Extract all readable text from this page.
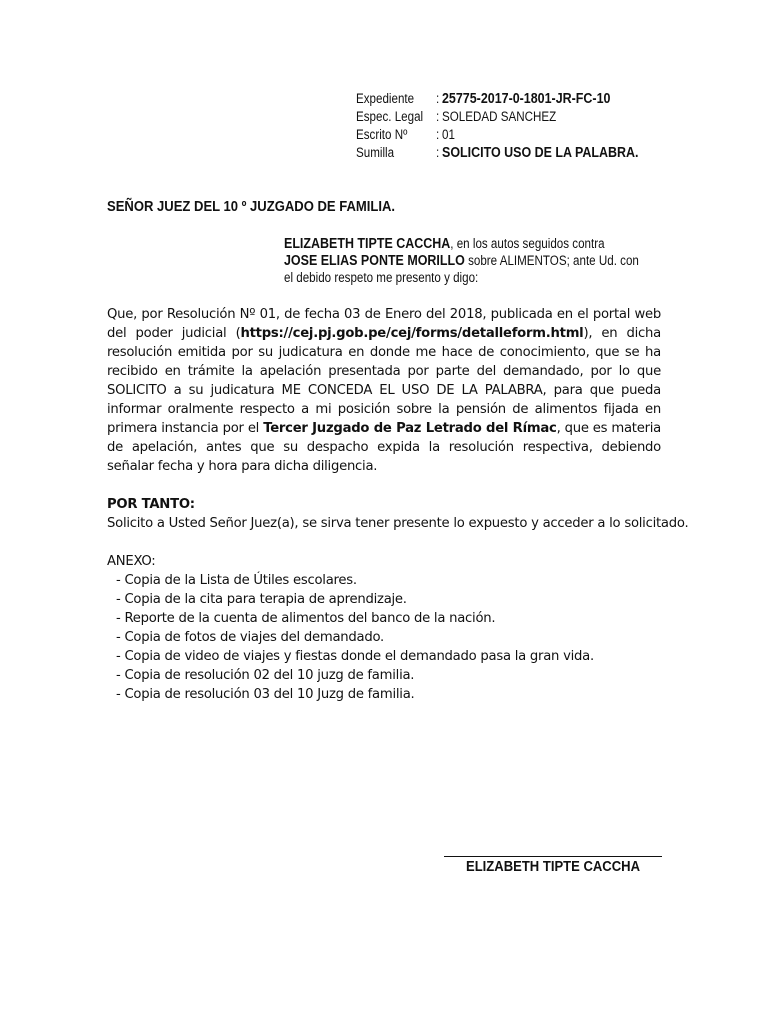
Expediente	: 25775-2017-0-1801-JR-FC-10
Espec. Legal : SOLEDAD SANCHEZ
Escrito Nº	: 01
Sumilla	: SOLICITO USO DE LA PALABRA.
SEÑOR JUEZ DEL 10 º JUZGADO DE FAMILIA.
ELIZABETH TIPTE CACCHA, en los autos seguidos contra
JOSE ELIAS PONTE MORILLO sobre ALIMENTOS; ante Ud. con
el debido respeto me presento y digo:
Que, por Resolución Nº 01, de fecha 03 de Enero del 2018, publicada en el portal web del poder judicial (https://cej.pj.gob.pe/cej/forms/detalleform.html), en dicha resolución emitida por su judicatura en donde me hace de conocimiento, que se ha recibido en trámite la apelación presentada por parte del demandado, por lo que SOLICITO a su judicatura ME CONCEDA EL USO DE LA PALABRA, para que pueda informar oralmente respecto a mi posición sobre la pensión de alimentos fijada en primera instancia por el Tercer Juzgado de Paz Letrado del Rímac, que es materia de apelación, antes que su despacho expida la resolución respectiva, debiendo señalar fecha y hora para dicha diligencia.
POR TANTO:
Solicito a Usted Señor Juez(a), se sirva tener presente lo expuesto y acceder a lo solicitado.
ANEXO:
- Copia de la Lista de Útiles escolares.
- Copia de la cita para terapia de aprendizaje.
- Reporte de la cuenta de alimentos del banco de la nación.
- Copia de fotos de viajes del demandado.
- Copia de video de viajes y fiestas donde el demandado pasa la gran vida.
- Copia de resolución 02 del 10 juzg de familia.
- Copia de resolución 03 del 10 Juzg de familia.
ELIZABETH TIPTE CACCHA
